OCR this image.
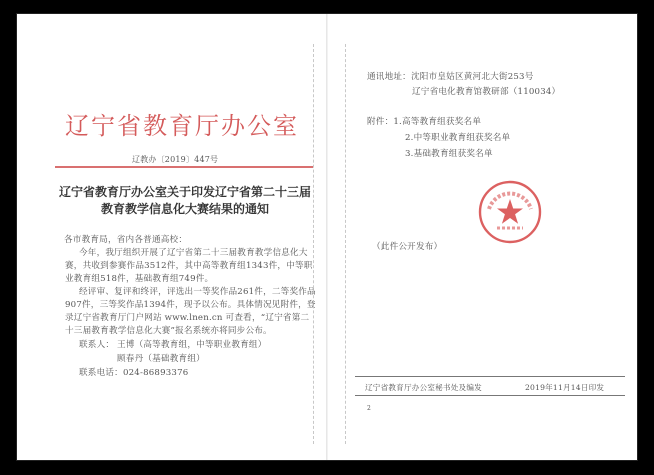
辽宁省教育厅办公室
辽教办〔2019〕447号
辽宁省教育厅办公室关于印发辽宁省第二十三届
教育教学信息化大赛结果的通知
各市教育局，省内各普通高校：
今年，我厅组织开展了辽宁省第二十三届教育教学信息化大
赛，共收到参赛作品3512件，其中高等教育组1343件，中等职
业教育组518件，基础教育组749件。
经评审、复评和终评，评选出一等奖作品261件，二等奖作品
907件，三等奖作品1394件，现予以公布。具体情况见附件，登
录辽宁省教育厅门户网站 www.lnen.cn 可查看，“辽宁省第二
十三届教育教学信息化大赛”报名系统亦将同步公布。
联系人： 王博（高等教育组，中等职业教育组）
顾春丹（基础教育组）
联系电话：024-86893376
通讯地址：沈阳市皇姑区黄河北大街253号
辽宁省电化教育馆教研部（110034）
附件：1.高等教育组获奖名单
2.中等职业教育组获奖名单
3.基础教育组获奖名单
（此件公开发布）
辽宁省教育厅办公室秘书处及编发	2019年11月14日印发
2
